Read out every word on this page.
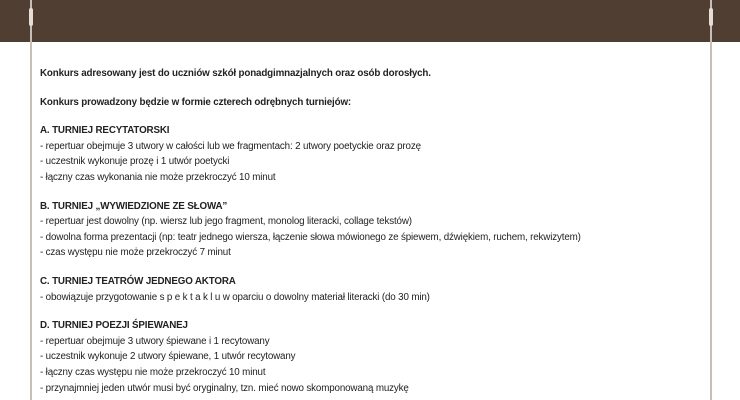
Konkurs adresowany jest do uczniów szkół ponadgimnazjalnych oraz osób dorosłych.

Konkurs prowadzony będzie w formie czterech odrębnych turniejów:

A. TURNIEJ RECYTATORSKI

- repertuar obejmuje 3 utwory w całości lub we fragmentach: 2 utwory poetyckie oraz prozę

- uczestnik wykonuje prozę i 1 utwór poetycki

- łączny czas wykonania nie może przekroczyć 10 minut

B. TURNIEJ „WYWIEDZIONE ZE SŁOWA”

- repertuar jest dowolny (np. wiersz lub jego fragment, monolog literacki, collage tekstów)

- dowolna forma prezentacji (np: teatr jednego wiersza, łączenie słowa mówionego ze śpiewem, dźwiękiem, ruchem, rekwizytem)

- czas występu nie może przekroczyć 7 minut

C. TURNIEJ TEATRÓW JEDNEGO AKTORA

- obowiązuje przygotowanie s p e k t a k l u w oparciu o dowolny materiał literacki (do 30 min)

D. TURNIEJ POEZJI ŚPIEWANEJ

- repertuar obejmuje 3 utwory śpiewane i 1 recytowany

- uczestnik wykonuje 2 utwory śpiewane, 1 utwór recytowany

- łączny czas występu nie może przekroczyć 10 minut

- przynajmniej jeden utwór musi być oryginalny, tzn. mieć nowo skomponowaną muzykę
